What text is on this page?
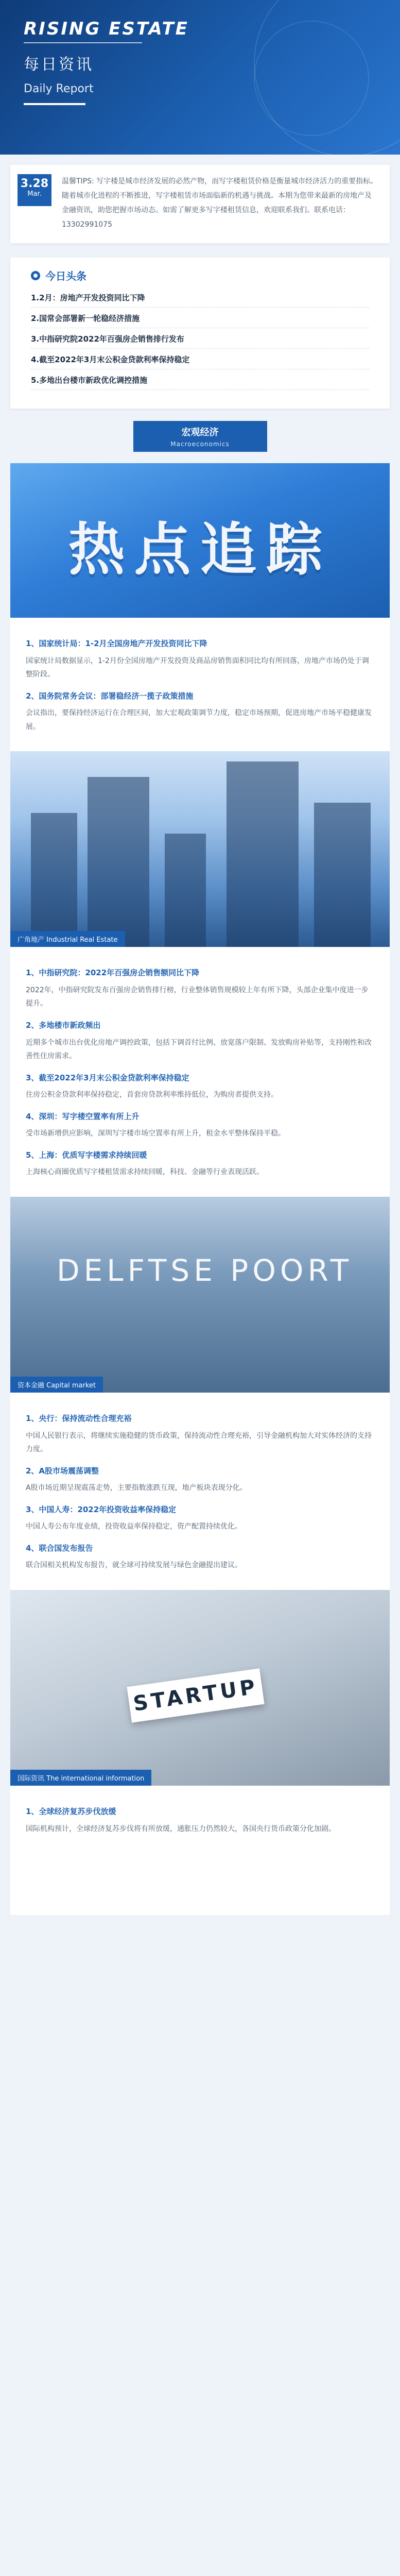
RISING ESTATE
每日资讯
Daily Report
3.28
Mar.
温馨TIPS: 写字楼是城市经济发展的必然产物，而写字楼租赁价格是衡量城市经济活力的重要指标。随着城市化进程的不断推进，写字楼租赁市场面临新的机遇与挑战。本期为您带来最新的房地产及金融资讯，助您把握市场动态。如需了解更多写字楼租赁信息，欢迎联系我们。联系电话：13302991075
今日头条
1.2月：房地产开发投资同比下降
2.国常会部署新一轮稳经济措施
3.中指研究院2022年百强房企销售排行发布
4.截至2022年3月末公积金贷款利率保持稳定
5.多地出台楼市新政优化调控措施
宏观经济
Macroeconomics
热点追踪
1、国家统计局：1-2月全国房地产开发投资同比下降

国家统计局数据显示，1-2月份全国房地产开发投资及商品房销售面积同比均有所回落，房地产市场仍处于调整阶段。

2、国务院常务会议：部署稳经济一揽子政策措施

会议指出，要保持经济运行在合理区间，加大宏观政策调节力度，稳定市场预期，促进房地产市场平稳健康发展。

广角地产 Industrial Real Estate
1、中指研究院：2022年百强房企销售额同比下降

2022年，中指研究院发布百强房企销售排行榜，行业整体销售规模较上年有所下降，头部企业集中度进一步提升。

2、多地楼市新政频出

近期多个城市出台优化房地产调控政策，包括下调首付比例、放宽落户限制、发放购房补贴等，支持刚性和改善性住房需求。

3、截至2022年3月末公积金贷款利率保持稳定

住房公积金贷款利率保持稳定，首套房贷款利率维持低位，为购房者提供支持。

4、深圳：写字楼空置率有所上升

受市场新增供应影响，深圳写字楼市场空置率有所上升，租金水平整体保持平稳。

5、上海：优质写字楼需求持续回暖

上海核心商圈优质写字楼租赁需求持续回暖，科技、金融等行业表现活跃。

DELFTSE POORT
资本金融 Capital market
1、央行：保持流动性合理充裕

中国人民银行表示，将继续实施稳健的货币政策，保持流动性合理充裕，引导金融机构加大对实体经济的支持力度。

2、A股市场震荡调整

A股市场近期呈现震荡走势，主要指数涨跌互现，地产板块表现分化。

3、中国人寿：2022年投资收益率保持稳定

中国人寿公布年度业绩，投资收益率保持稳定，资产配置持续优化。

4、联合国发布报告

联合国相关机构发布报告，就全球可持续发展与绿色金融提出建议。

STARTUP
国际资讯 The international information
1、全球经济复苏步伐放缓

国际机构预计，全球经济复苏步伐将有所放缓，通胀压力仍然较大，各国央行货币政策分化加剧。
